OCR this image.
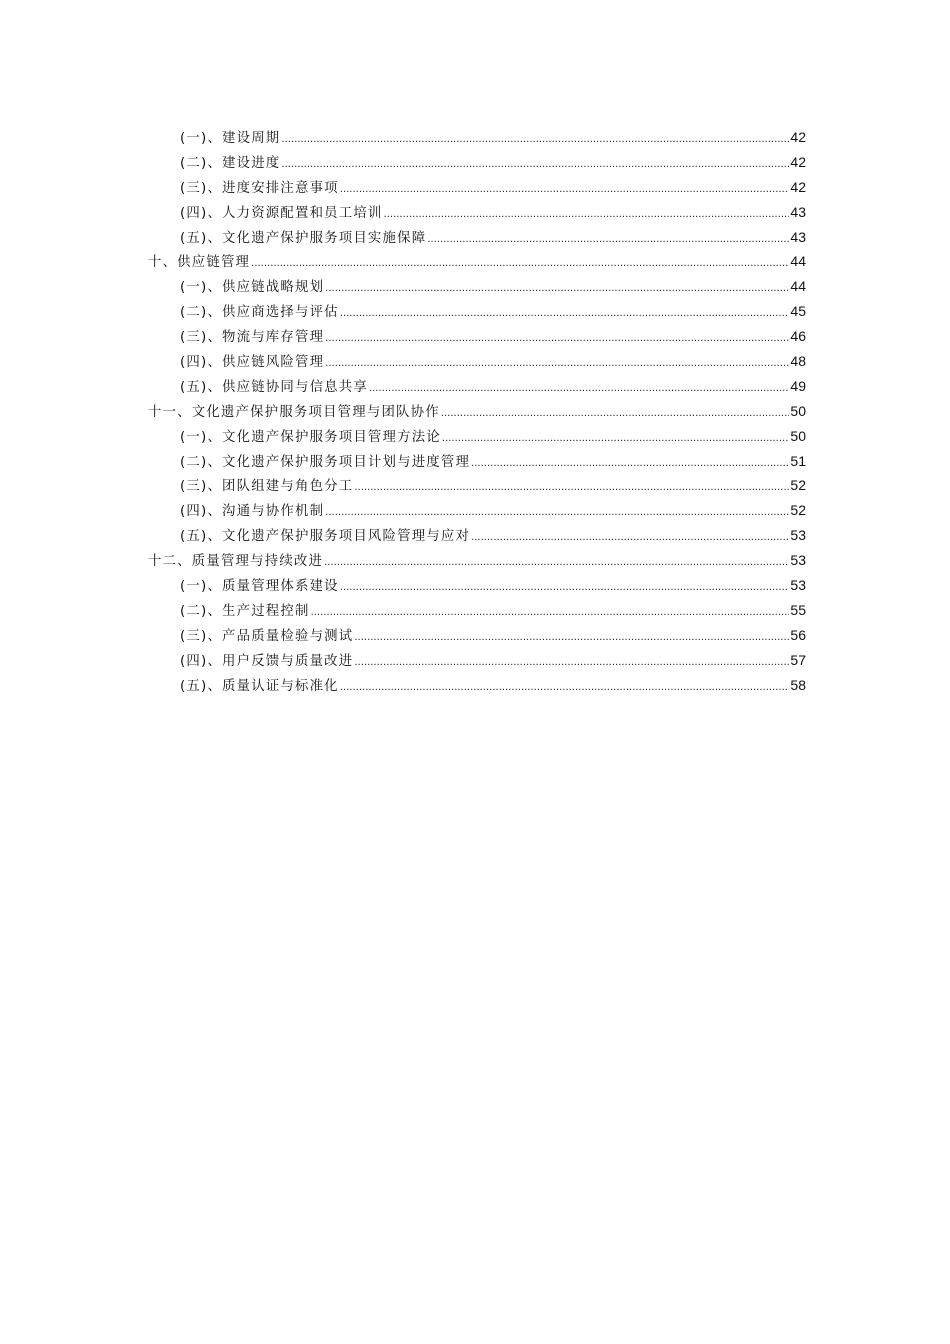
(一)、建设周期 .....	42
(二)、建设进度 .....	42
(三)、进度安排注意事项 .....	42
(四)、人力资源配置和员工培训 .....	43
(五)、文化遗产保护服务项目实施保障 .....	43
十、供应链管理 .....	44
(一)、供应链战略规划 .....	44
(二)、供应商选择与评估 .....	45
(三)、物流与库存管理 .....	46
(四)、供应链风险管理 .....	48
(五)、供应链协同与信息共享 .....	49
十一、文化遗产保护服务项目管理与团队协作 .....	50
(一)、文化遗产保护服务项目管理方法论 .....	50
(二)、文化遗产保护服务项目计划与进度管理 .....	51
(三)、团队组建与角色分工 .....	52
(四)、沟通与协作机制 .....	52
(五)、文化遗产保护服务项目风险管理与应对 .....	53
十二、质量管理与持续改进 .....	53
(一)、质量管理体系建设 .....	53
(二)、生产过程控制 .....	55
(三)、产品质量检验与测试 .....	56
(四)、用户反馈与质量改进 .....	57
(五)、质量认证与标准化 .....	58
